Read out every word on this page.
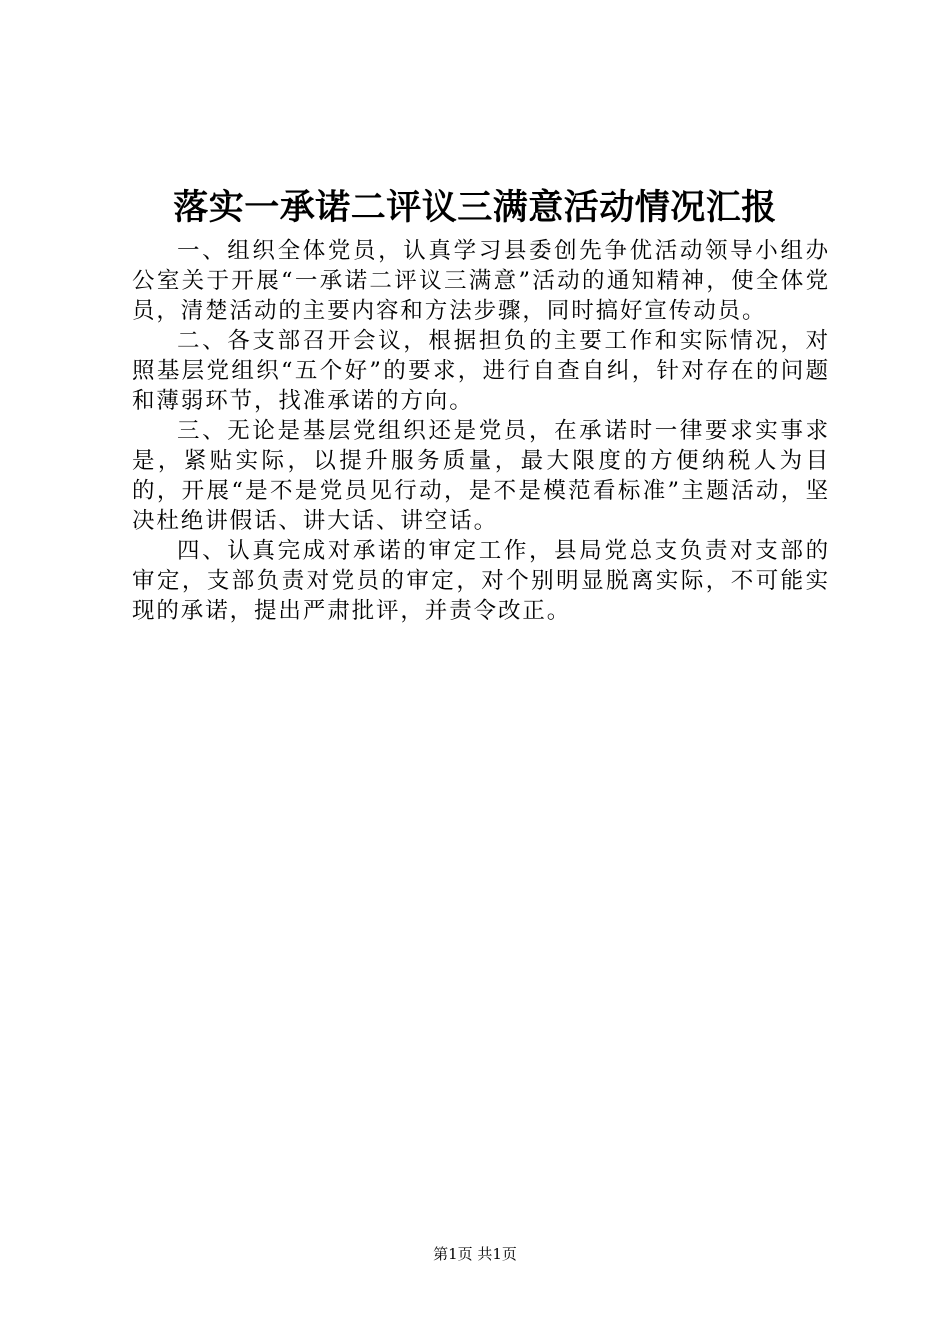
落实一承诺二评议三满意活动情况汇报

一、组织全体党员，认真学习县委创先争优活动领导小组办公室关于开展“一承诺二评议三满意”活动的通知精神，使全体党员，清楚活动的主要内容和方法步骤，同时搞好宣传动员。

二、各支部召开会议，根据担负的主要工作和实际情况，对照基层党组织“五个好”的要求，进行自查自纠，针对存在的问题和薄弱环节，找准承诺的方向。

三、无论是基层党组织还是党员，在承诺时一律要求实事求是，紧贴实际，以提升服务质量，最大限度的方便纳税人为目的，开展“是不是党员见行动，是不是模范看标准”主题活动，坚决杜绝讲假话、讲大话、讲空话。

四、认真完成对承诺的审定工作，县局党总支负责对支部的审定，支部负责对党员的审定，对个别明显脱离实际，不可能实现的承诺，提出严肃批评，并责令改正。

第1页 共1页
